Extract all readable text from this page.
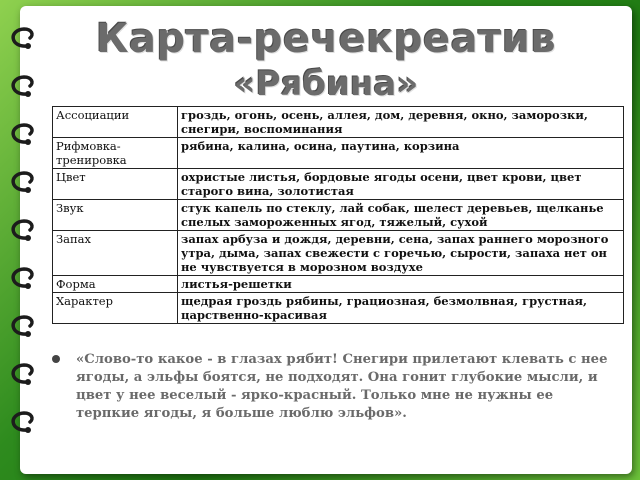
Карта-речекреатив
«Рябина»
Ассоциации	гроздь, огонь, осень, аллея, дом, деревня, окно, заморозки, снегири, воспоминания
Рифмовка-тренировка	рябина, калина, осина, паутина, корзина
Цвет	охристые листья, бордовые ягоды осени, цвет крови, цвет старого вина, золотистая
Звук	стук капель по стеклу, лай собак, шелест деревьев, щелканье спелых замороженных ягод, тяжелый, сухой
Запах	запах арбуза и дождя, деревни, сена, запах раннего морозного утра, дыма, запах свежести с горечью, сырости, запаха нет он не чувствуется в морозном воздухе
Форма	листья-решетки
Характер	щедрая гроздь рябины, грациозная, безмолвная, грустная, царственно-красивая
«Слово-то какое - в глазах рябит! Снегири прилетают клевать с нее ягоды, а эльфы боятся, не подходят. Она гонит глубокие мысли, и цвет у нее веселый - ярко-красный. Только мне не нужны ее терпкие ягоды, я больше люблю эльфов».
